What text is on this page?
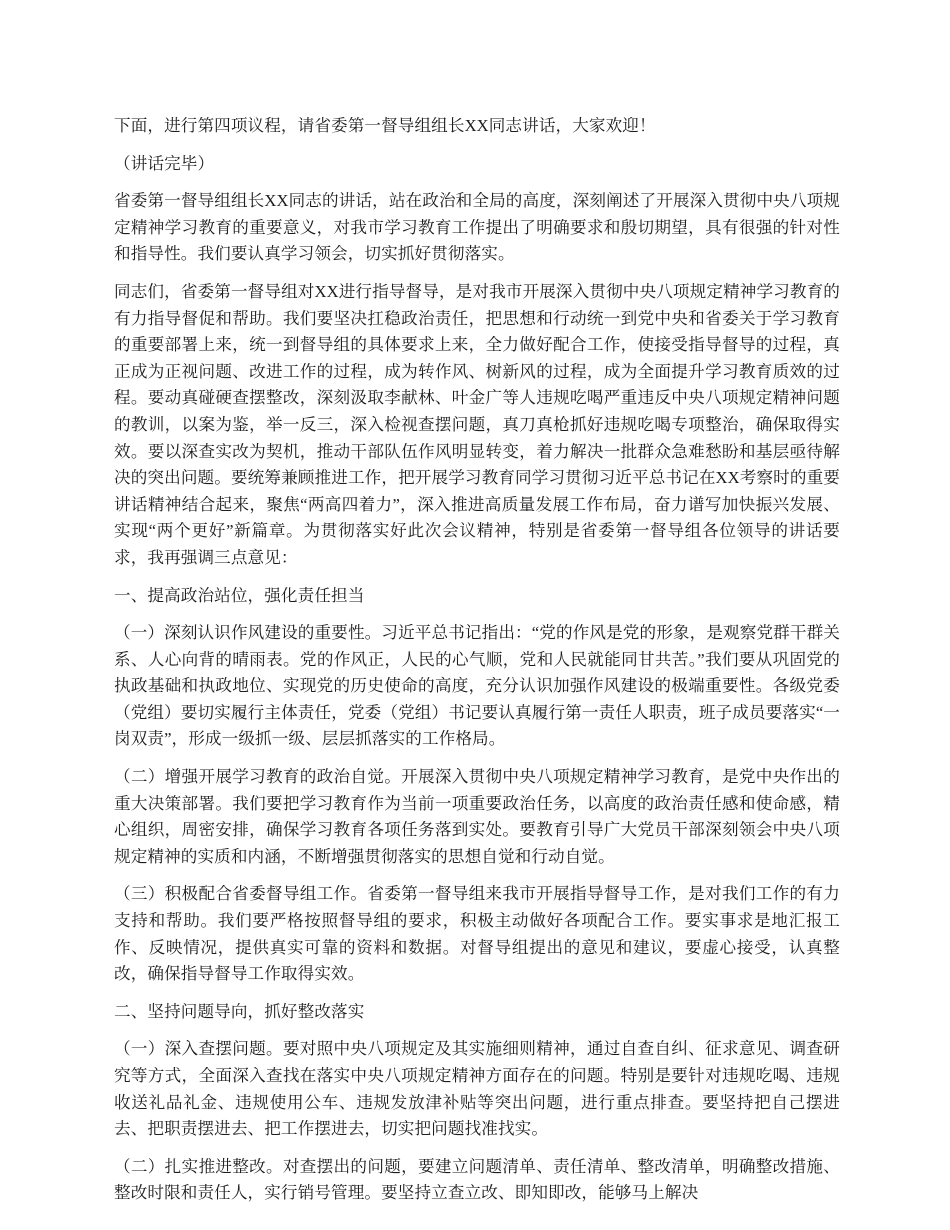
下面，进行第四项议程，请省委第一督导组组长XX同志讲话，大家欢迎！

（讲话完毕）

省委第一督导组组长XX同志的讲话，站在政治和全局的高度，深刻阐述了开展深入贯彻中央八项规定精神学习教育的重要意义，对我市学习教育工作提出了明确要求和殷切期望，具有很强的针对性和指导性。我们要认真学习领会，切实抓好贯彻落实。

同志们，省委第一督导组对XX进行指导督导，是对我市开展深入贯彻中央八项规定精神学习教育的有力指导督促和帮助。我们要坚决扛稳政治责任，把思想和行动统一到党中央和省委关于学习教育的重要部署上来，统一到督导组的具体要求上来，全力做好配合工作，使接受指导督导的过程，真正成为正视问题、改进工作的过程，成为转作风、树新风的过程，成为全面提升学习教育质效的过程。要动真碰硬查摆整改，深刻汲取李献林、叶金广等人违规吃喝严重违反中央八项规定精神问题的教训，以案为鉴，举一反三，深入检视查摆问题，真刀真枪抓好违规吃喝专项整治，确保取得实效。要以深查实改为契机，推动干部队伍作风明显转变，着力解决一批群众急难愁盼和基层亟待解决的突出问题。要统筹兼顾推进工作，把开展学习教育同学习贯彻习近平总书记在XX考察时的重要讲话精神结合起来，聚焦“两高四着力”，深入推进高质量发展工作布局，奋力谱写加快振兴发展、实现“两个更好”新篇章。为贯彻落实好此次会议精神，特别是省委第一督导组各位领导的讲话要求，我再强调三点意见：

一、提高政治站位，强化责任担当

（一）深刻认识作风建设的重要性。习近平总书记指出：“党的作风是党的形象，是观察党群干群关系、人心向背的晴雨表。党的作风正，人民的心气顺，党和人民就能同甘共苦。”我们要从巩固党的执政基础和执政地位、实现党的历史使命的高度，充分认识加强作风建设的极端重要性。各级党委（党组）要切实履行主体责任，党委（党组）书记要认真履行第一责任人职责，班子成员要落实“一岗双责”，形成一级抓一级、层层抓落实的工作格局。

（二）增强开展学习教育的政治自觉。开展深入贯彻中央八项规定精神学习教育，是党中央作出的重大决策部署。我们要把学习教育作为当前一项重要政治任务，以高度的政治责任感和使命感，精心组织，周密安排，确保学习教育各项任务落到实处。要教育引导广大党员干部深刻领会中央八项规定精神的实质和内涵，不断增强贯彻落实的思想自觉和行动自觉。

（三）积极配合省委督导组工作。省委第一督导组来我市开展指导督导工作，是对我们工作的有力支持和帮助。我们要严格按照督导组的要求，积极主动做好各项配合工作。要实事求是地汇报工作、反映情况，提供真实可靠的资料和数据。对督导组提出的意见和建议，要虚心接受，认真整改，确保指导督导工作取得实效。

二、坚持问题导向，抓好整改落实

（一）深入查摆问题。要对照中央八项规定及其实施细则精神，通过自查自纠、征求意见、调查研究等方式，全面深入查找在落实中央八项规定精神方面存在的问题。特别是要针对违规吃喝、违规收送礼品礼金、违规使用公车、违规发放津补贴等突出问题，进行重点排查。要坚持把自己摆进去、把职责摆进去、把工作摆进去，切实把问题找准找实。

（二）扎实推进整改。对查摆出的问题，要建立问题清单、责任清单、整改清单，明确整改措施、整改时限和责任人，实行销号管理。要坚持立查立改、即知即改，能够马上解决
